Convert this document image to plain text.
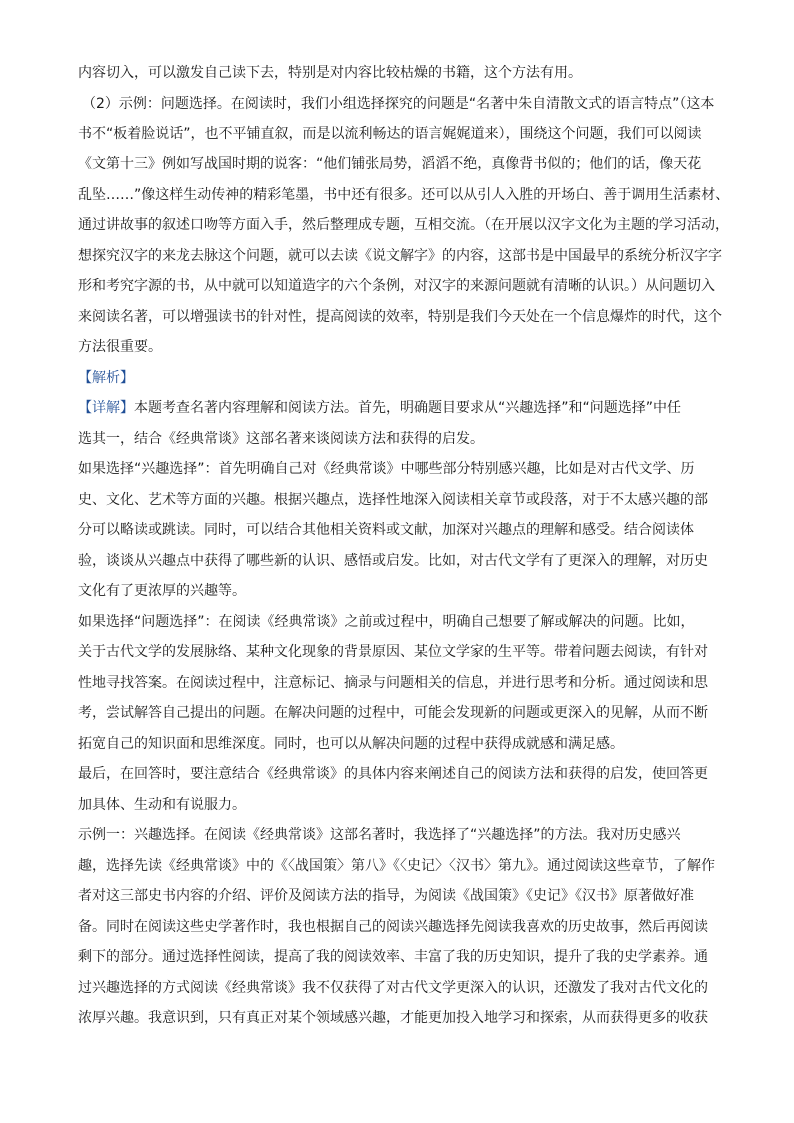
内容切入，可以激发自己读下去，特别是对内容比较枯燥的书籍，这个方法有用。
（2）示例：问题选择。在阅读时，我们小组选择探究的问题是“名著中朱自清散文式的语言特点”（这本
书不“板着脸说话”，也不平铺直叙，而是以流利畅达的语言娓娓道来），围绕这个问题，我们可以阅读
《文第十三》例如写战国时期的说客：“他们铺张局势，滔滔不绝，真像背书似的；他们的话，像天花
乱坠……”像这样生动传神的精彩笔墨，书中还有很多。还可以从引人入胜的开场白、善于调用生活素材、
通过讲故事的叙述口吻等方面入手，然后整理成专题，互相交流。（在开展以汉字文化为主题的学习活动，
想探究汉字的来龙去脉这个问题，就可以去读《说文解字》的内容，这部书是中国最早的系统分析汉字字
形和考究字源的书，从中就可以知道造字的六个条例，对汉字的来源问题就有清晰的认识。）从问题切入
来阅读名著，可以增强读书的针对性，提高阅读的效率，特别是我们今天处在一个信息爆炸的时代，这个
方法很重要。
【解析】
【详解】本题考查名著内容理解和阅读方法。首先，明确题目要求从“兴趣选择”和“问题选择”中任
选其一，结合《经典常谈》这部名著来谈阅读方法和获得的启发。
如果选择“兴趣选择”：首先明确自己对《经典常谈》中哪些部分特别感兴趣，比如是对古代文学、历
史、文化、艺术等方面的兴趣。根据兴趣点，选择性地深入阅读相关章节或段落，对于不太感兴趣的部
分可以略读或跳读。同时，可以结合其他相关资料或文献，加深对兴趣点的理解和感受。结合阅读体
验，谈谈从兴趣点中获得了哪些新的认识、感悟或启发。比如，对古代文学有了更深入的理解，对历史
文化有了更浓厚的兴趣等。
如果选择“问题选择”：在阅读《经典常谈》之前或过程中，明确自己想要了解或解决的问题。比如，
关于古代文学的发展脉络、某种文化现象的背景原因、某位文学家的生平等。带着问题去阅读，有针对
性地寻找答案。在阅读过程中，注意标记、摘录与问题相关的信息，并进行思考和分析。通过阅读和思
考，尝试解答自己提出的问题。在解决问题的过程中，可能会发现新的问题或更深入的见解，从而不断
拓宽自己的知识面和思维深度。同时，也可以从解决问题的过程中获得成就感和满足感。
最后，在回答时，要注意结合《经典常谈》的具体内容来阐述自己的阅读方法和获得的启发，使回答更
加具体、生动和有说服力。
示例一：兴趣选择。在阅读《经典常谈》这部名著时，我选择了“兴趣选择”的方法。我对历史感兴
趣，选择先读《经典常谈》中的《〈战国策〉第八》《〈史记〉〈汉书〉第九》。通过阅读这些章节，了解作
者对这三部史书内容的介绍、评价及阅读方法的指导，为阅读《战国策》《史记》《汉书》原著做好准
备。同时在阅读这些史学著作时，我也根据自己的阅读兴趣选择先阅读我喜欢的历史故事，然后再阅读
剩下的部分。通过选择性阅读，提高了我的阅读效率、丰富了我的历史知识，提升了我的史学素养。通
过兴趣选择的方式阅读《经典常谈》我不仅获得了对古代文学更深入的认识，还激发了我对古代文化的
浓厚兴趣。我意识到，只有真正对某个领域感兴趣，才能更加投入地学习和探索，从而获得更多的收获
